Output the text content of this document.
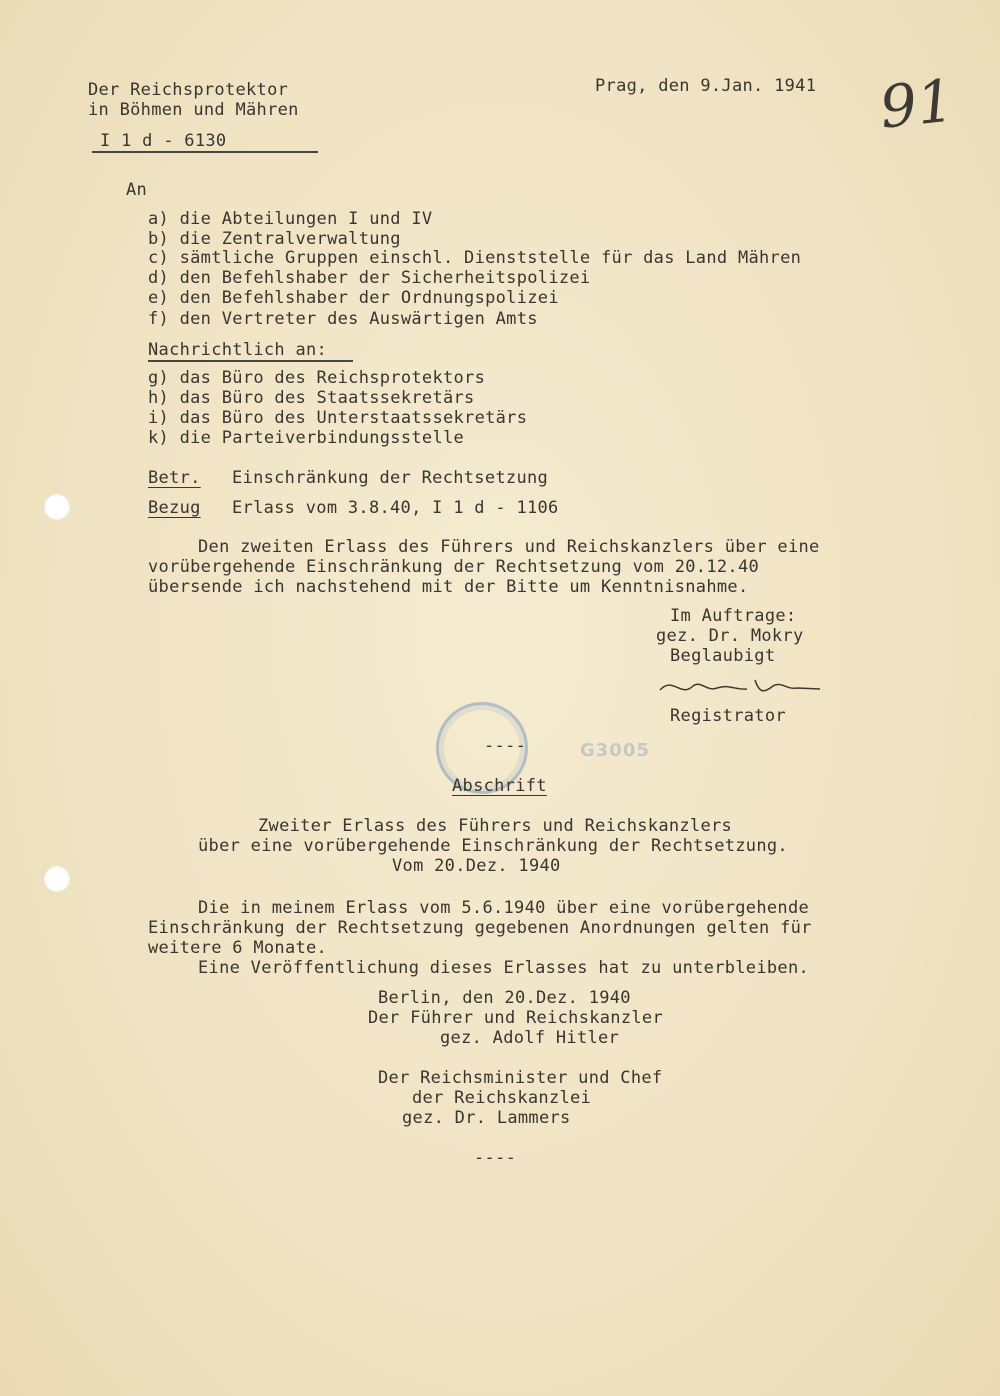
Der Reichsprotektor
in Böhmen und Mähren
I 1 d - 6130
Prag, den 9.Jan. 1941 91
An
a) die Abteilungen I und IV
b) die Zentralverwaltung
c) sämtliche Gruppen einschl. Dienststelle für das Land Mähren
d) den Befehlshaber der Sicherheitspolizei
e) den Befehlshaber der Ordnungspolizei
f) den Vertreter des Auswärtigen Amts
Nachrichtlich an:
g) das Büro des Reichsprotektors
h) das Büro des Staatssekretärs
i) das Büro des Unterstaatssekretärs
k) die Parteiverbindungsstelle
Betr. Einschränkung der Rechtsetzung
Bezug Erlass vom 3.8.40, I 1 d - 1106
Den zweiten Erlass des Führers und Reichskanzlers über eine
vorübergehende Einschränkung der Rechtsetzung vom 20.12.40
übersende ich nachstehend mit der Bitte um Kenntnisnahme.
Im Auftrage:
gez. Dr. Mokry
Beglaubigt
Registrator
G3005
----
Abschrift
Zweiter Erlass des Führers und Reichskanzlers
über eine vorübergehende Einschränkung der Rechtsetzung.
Vom 20.Dez. 1940
Die in meinem Erlass vom 5.6.1940 über eine vorübergehende
Einschränkung der Rechtsetzung gegebenen Anordnungen gelten für
weitere 6 Monate.
Eine Veröffentlichung dieses Erlasses hat zu unterbleiben.
Berlin, den 20.Dez. 1940
Der Führer und Reichskanzler
gez. Adolf Hitler
Der Reichsminister und Chef
der Reichskanzlei
gez. Dr. Lammers
----
